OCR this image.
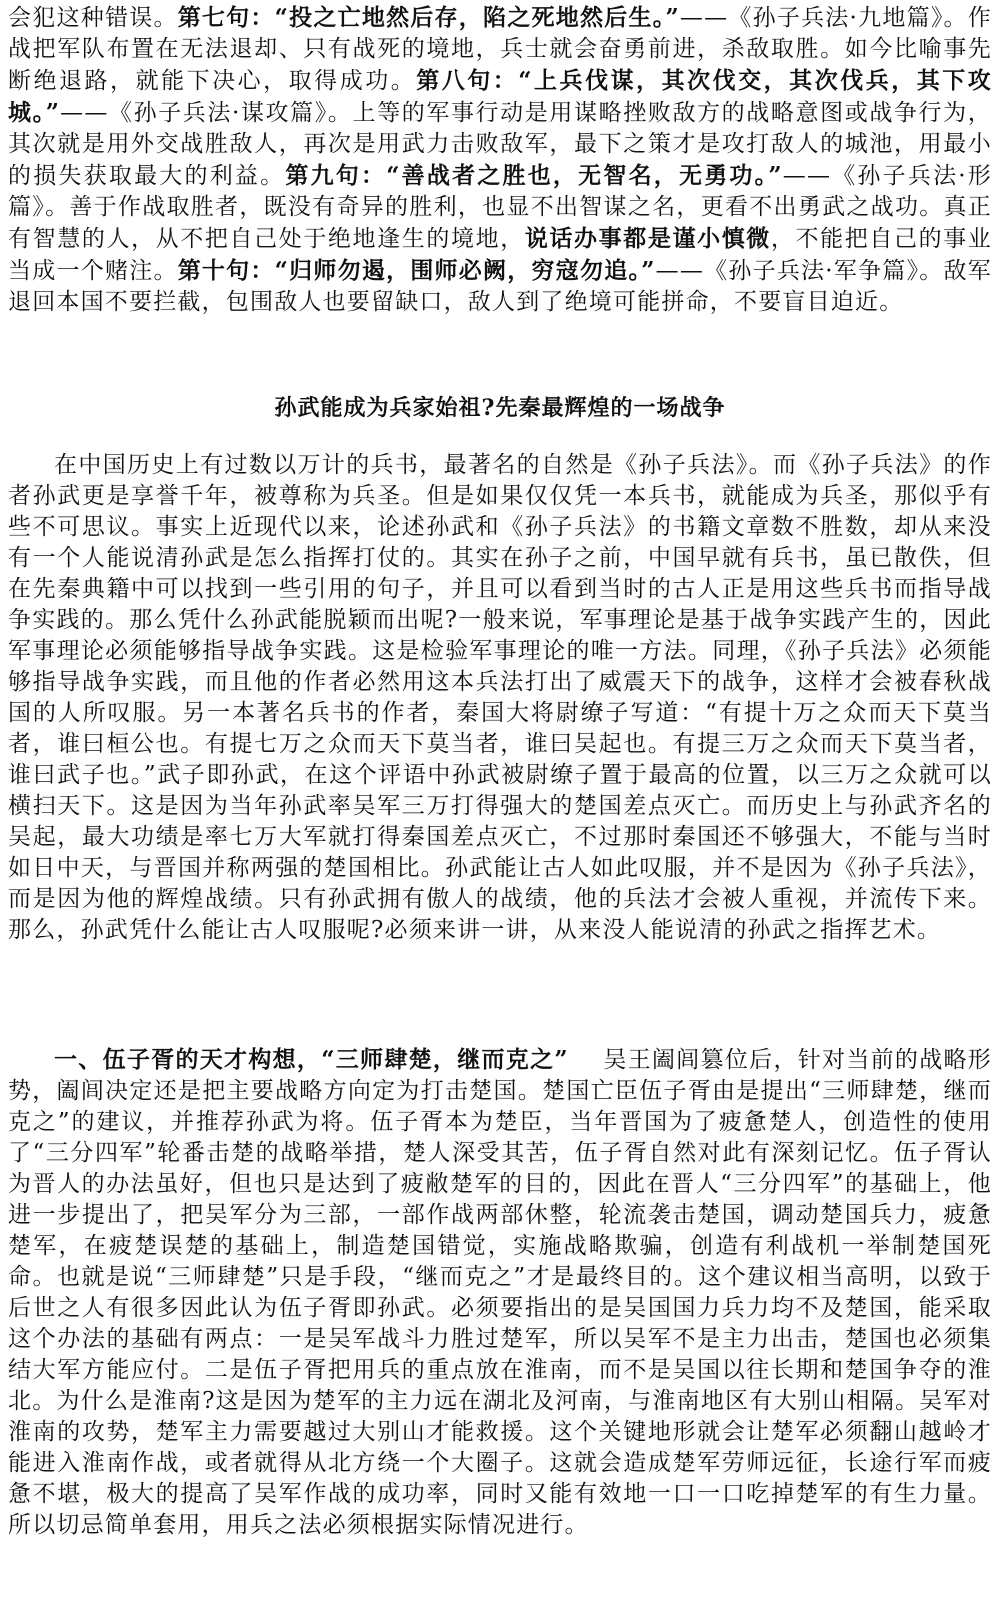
会犯这种错误。第七句：“投之亡地然后存，陷之死地然后生。”——《孙子兵法·九地篇》。作战把军队布置在无法退却、只有战死的境地，兵士就会奋勇前进，杀敌取胜。如今比喻事先断绝退路，就能下决心，取得成功。第八句：“上兵伐谋，其次伐交，其次伐兵，其下攻城。”——《孙子兵法·谋攻篇》。上等的军事行动是用谋略挫败敌方的战略意图或战争行为，其次就是用外交战胜敌人，再次是用武力击败敌军，最下之策才是攻打敌人的城池，用最小的损失获取最大的利益。第九句：“善战者之胜也，无智名，无勇功。”——《孙子兵法·形篇》。善于作战取胜者，既没有奇异的胜利，也显不出智谋之名，更看不出勇武之战功。真正有智慧的人，从不把自己处于绝地逢生的境地，说话办事都是谨小慎微，不能把自己的事业当成一个赌注。第十句：“归师勿遏，围师必阙，穷寇勿追。”——《孙子兵法·军争篇》。敌军退回本国不要拦截，包围敌人也要留缺口，敌人到了绝境可能拼命，不要盲目迫近。

孙武能成为兵家始祖?先秦最辉煌的一场战争

在中国历史上有过数以万计的兵书，最著名的自然是《孙子兵法》。而《孙子兵法》的作者孙武更是享誉千年，被尊称为兵圣。但是如果仅仅凭一本兵书，就能成为兵圣，那似乎有些不可思议。事实上近现代以来，论述孙武和《孙子兵法》的书籍文章数不胜数，却从来没有一个人能说清孙武是怎么指挥打仗的。其实在孙子之前，中国早就有兵书，虽已散佚，但在先秦典籍中可以找到一些引用的句子，并且可以看到当时的古人正是用这些兵书而指导战争实践的。那么凭什么孙武能脱颖而出呢?一般来说，军事理论是基于战争实践产生的，因此军事理论必须能够指导战争实践。这是检验军事理论的唯一方法。同理，《孙子兵法》必须能够指导战争实践，而且他的作者必然用这本兵法打出了威震天下的战争，这样才会被春秋战国的人所叹服。另一本著名兵书的作者，秦国大将尉缭子写道：“有提十万之众而天下莫当者，谁曰桓公也。有提七万之众而天下莫当者，谁曰吴起也。有提三万之众而天下莫当者，谁曰武子也。”武子即孙武，在这个评语中孙武被尉缭子置于最高的位置，以三万之众就可以横扫天下。这是因为当年孙武率吴军三万打得强大的楚国差点灭亡。而历史上与孙武齐名的吴起，最大功绩是率七万大军就打得秦国差点灭亡，不过那时秦国还不够强大，不能与当时如日中天，与晋国并称两强的楚国相比。孙武能让古人如此叹服，并不是因为《孙子兵法》，而是因为他的辉煌战绩。只有孙武拥有傲人的战绩，他的兵法才会被人重视，并流传下来。那么，孙武凭什么能让古人叹服呢?必须来讲一讲，从来没人能说清的孙武之指挥艺术。

一、伍子胥的天才构想，“三师肆楚，继而克之” 吴王阖闾篡位后，针对当前的战略形势，阖闾决定还是把主要战略方向定为打击楚国。楚国亡臣伍子胥由是提出“三师肆楚，继而克之”的建议，并推荐孙武为将。伍子胥本为楚臣，当年晋国为了疲惫楚人，创造性的使用了“三分四军”轮番击楚的战略举措，楚人深受其苦，伍子胥自然对此有深刻记忆。伍子胥认为晋人的办法虽好，但也只是达到了疲敝楚军的目的，因此在晋人“三分四军”的基础上，他进一步提出了，把吴军分为三部，一部作战两部休整，轮流袭击楚国，调动楚国兵力，疲惫楚军，在疲楚误楚的基础上，制造楚国错觉，实施战略欺骗，创造有利战机一举制楚国死命。也就是说“三师肆楚”只是手段，“继而克之”才是最终目的。这个建议相当高明，以致于后世之人有很多因此认为伍子胥即孙武。必须要指出的是吴国国力兵力均不及楚国，能采取这个办法的基础有两点：一是吴军战斗力胜过楚军，所以吴军不是主力出击，楚国也必须集结大军方能应付。二是伍子胥把用兵的重点放在淮南，而不是吴国以往长期和楚国争夺的淮北。为什么是淮南?这是因为楚军的主力远在湖北及河南，与淮南地区有大别山相隔。吴军对淮南的攻势，楚军主力需要越过大别山才能救援。这个关键地形就会让楚军必须翻山越岭才能进入淮南作战，或者就得从北方绕一个大圈子。这就会造成楚军劳师远征，长途行军而疲惫不堪，极大的提高了吴军作战的成功率，同时又能有效地一口一口吃掉楚军的有生力量。所以切忌简单套用，用兵之法必须根据实际情况进行。
